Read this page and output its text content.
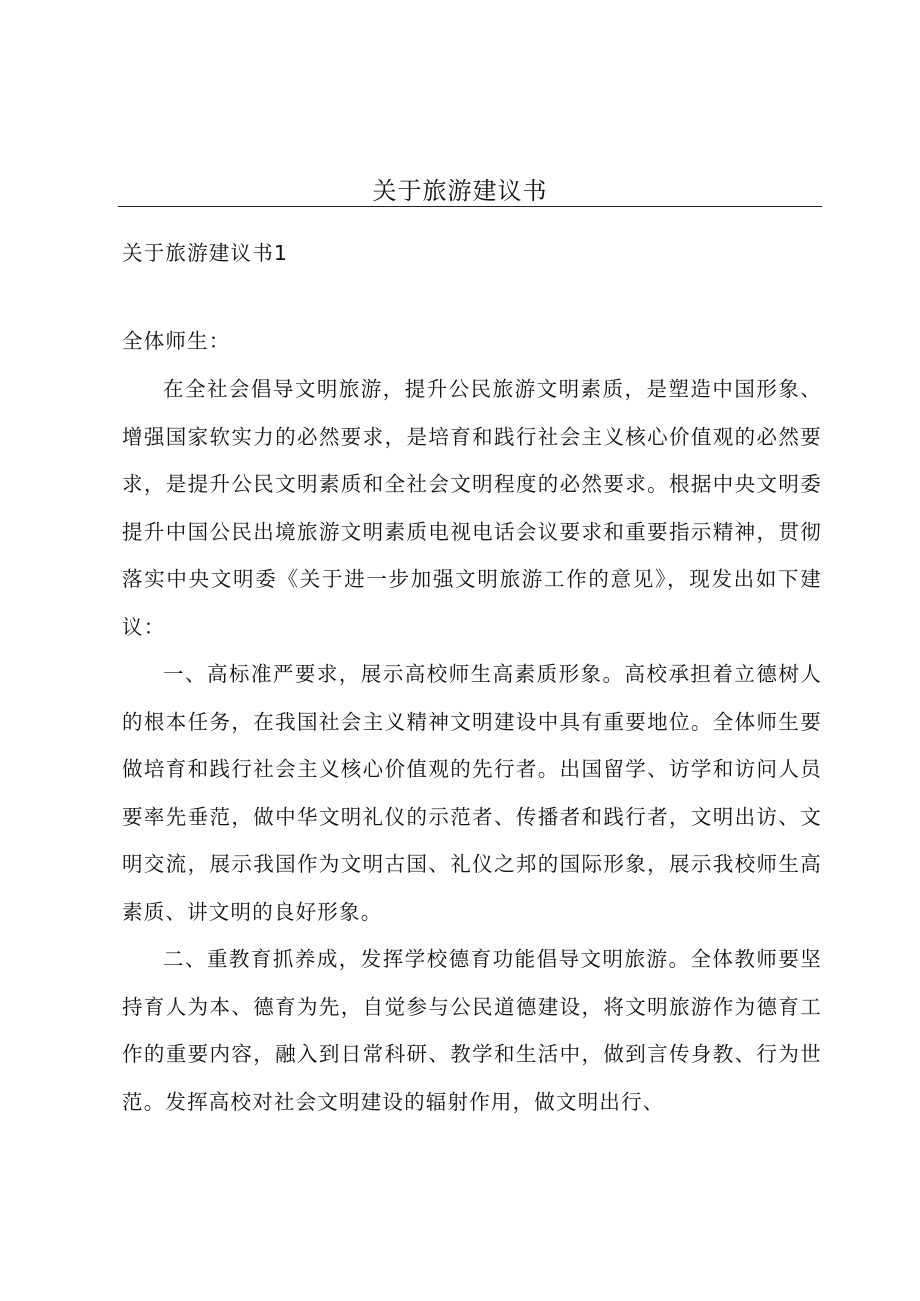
关于旅游建议书
关于旅游建议书1
全体师生：

在全社会倡导文明旅游，提升公民旅游文明素质，是塑造中国形象、增强国家软实力的必然要求，是培育和践行社会主义核心价值观的必然要求，是提升公民文明素质和全社会文明程度的必然要求。根据中央文明委提升中国公民出境旅游文明素质电视电话会议要求和重要指示精神，贯彻落实中央文明委《关于进一步加强文明旅游工作的意见》，现发出如下建议：

一、高标准严要求，展示高校师生高素质形象。高校承担着立德树人的根本任务，在我国社会主义精神文明建设中具有重要地位。全体师生要做培育和践行社会主义核心价值观的先行者。出国留学、访学和访问人员要率先垂范，做中华文明礼仪的示范者、传播者和践行者，文明出访、文明交流，展示我国作为文明古国、礼仪之邦的国际形象，展示我校师生高素质、讲文明的良好形象。

二、重教育抓养成，发挥学校德育功能倡导文明旅游。全体教师要坚持育人为本、德育为先，自觉参与公民道德建设，将文明旅游作为德育工作的重要内容，融入到日常科研、教学和生活中，做到言传身教、行为世范。发挥高校对社会文明建设的辐射作用，做文明出行、
